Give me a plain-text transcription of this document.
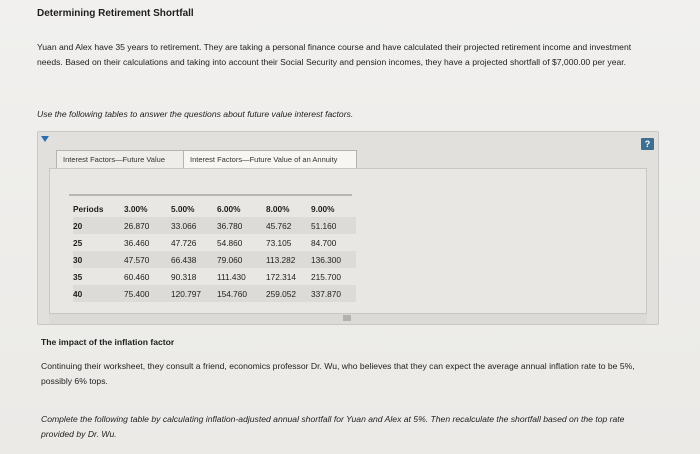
Determining Retirement Shortfall
Yuan and Alex have 35 years to retirement. They are taking a personal finance course and have calculated their projected retirement income and investment needs. Based on their calculations and taking into account their Social Security and pension incomes, they have a projected shortfall of $7,000.00 per year.
Use the following tables to answer the questions about future value interest factors.
?
Interest Factors—Future Value	Interest Factors—Future Value of an Annuity
Periods	3.00%	5.00%	6.00%	8.00%	9.00%
20	26.870	33.066	36.780	45.762	51.160
25	36.460	47.726	54.860	73.105	84.700
30	47.570	66.438	79.060	113.282	136.300
35	60.460	90.318	111.430	172.314	215.700
40	75.400	120.797	154.760	259.052	337.870
The impact of the inflation factor
Continuing their worksheet, they consult a friend, economics professor Dr. Wu, who believes that they can expect the average annual inflation rate to be 5%, possibly 6% tops.
Complete the following table by calculating inflation-adjusted annual shortfall for Yuan and Alex at 5%. Then recalculate the shortfall based on the top rate provided by Dr. Wu.
